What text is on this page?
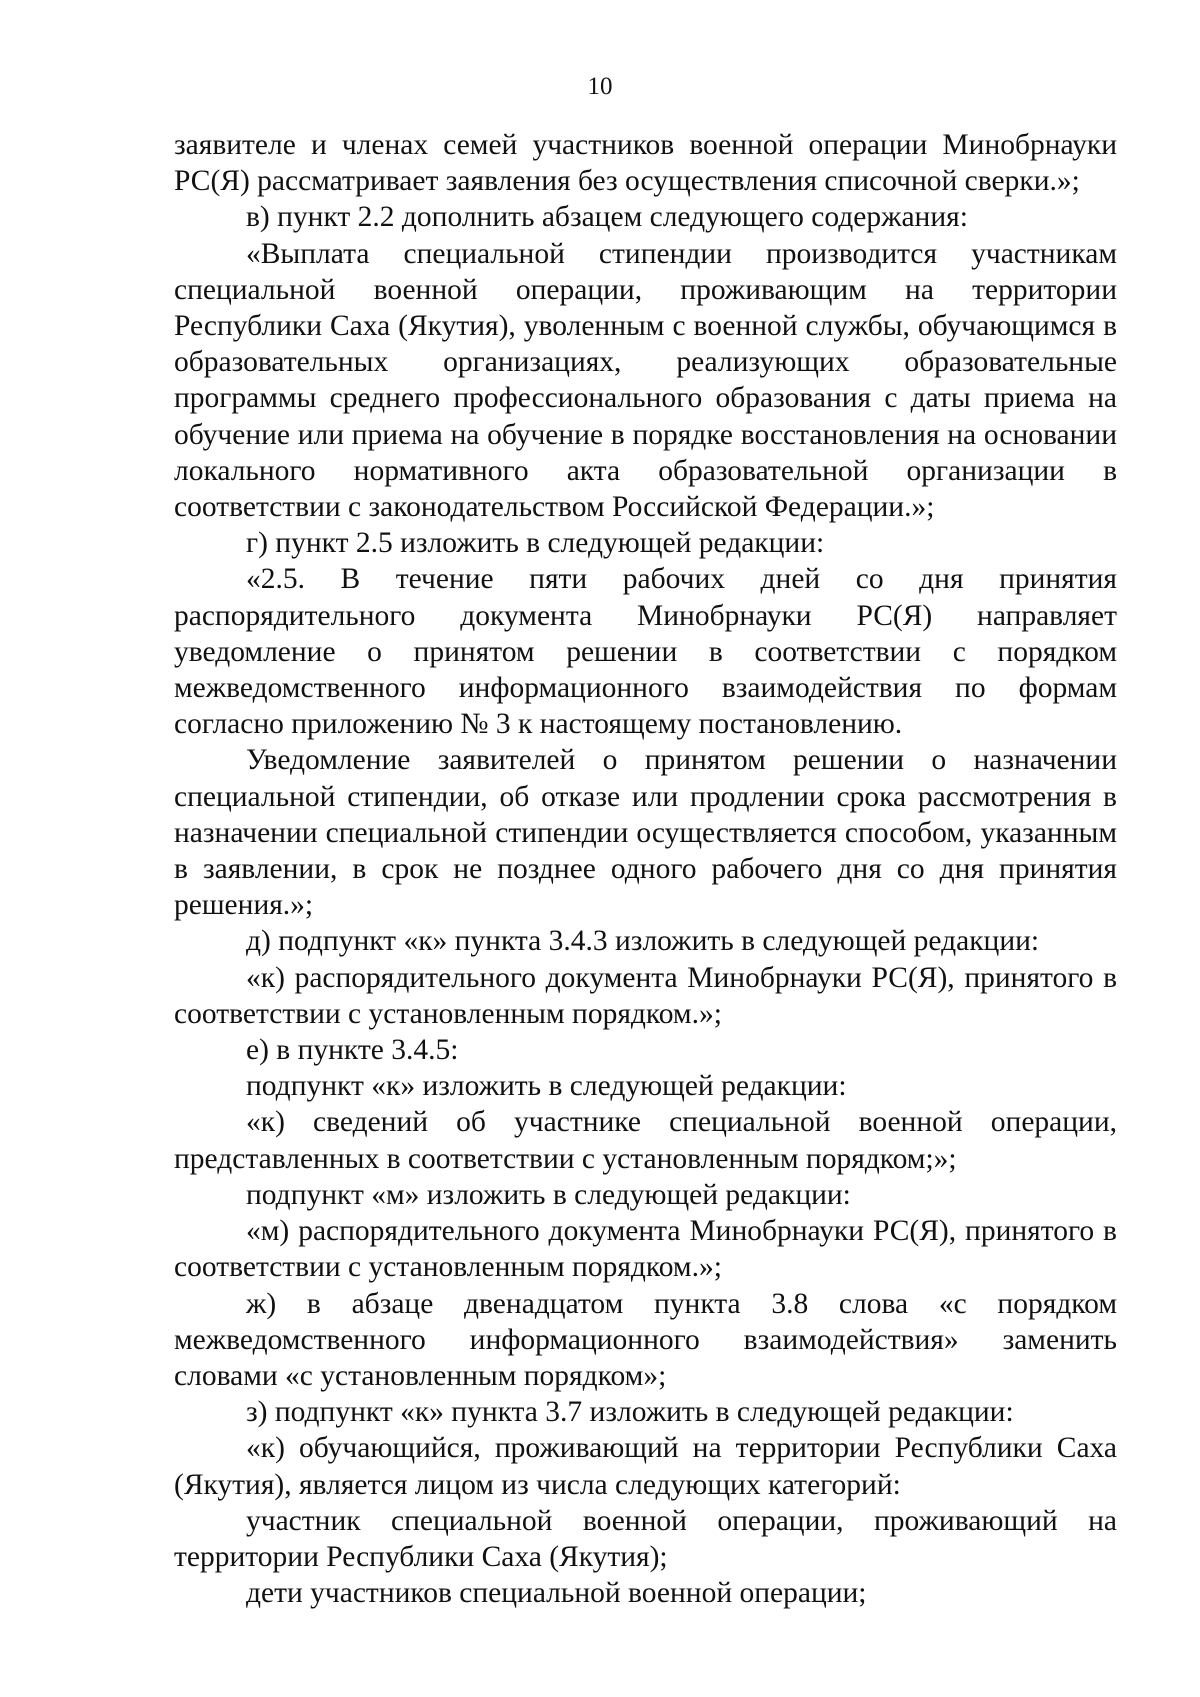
10

заявителе и членах семей участников военной операции Минобрнауки РС(Я) рассматривает заявления без осуществления списочной сверки.»;

в) пункт 2.2 дополнить абзацем следующего содержания:

«Выплата специальной стипендии производится участникам специальной военной операции, проживающим на территории Республики Саха (Якутия), уволенным с военной службы, обучающимся в образовательных организациях, реализующих образовательные программы среднего профессионального образования с даты приема на обучение или приема на обучение в порядке восстановления на основании локального нормативного акта образовательной организации в соответствии с законодательством Российской Федерации.»;

г) пункт 2.5 изложить в следующей редакции:

«2.5. В течение пяти рабочих дней со дня принятия распорядительного документа Минобрнауки РС(Я) направляет уведомление о принятом решении в соответствии с порядком межведомственного информационного взаимодействия по формам согласно приложению № 3 к настоящему постановлению.

Уведомление заявителей о принятом решении о назначении специальной стипендии, об отказе или продлении срока рассмотрения в назначении специальной стипендии осуществляется способом, указанным в заявлении, в срок не позднее одного рабочего дня со дня принятия решения.»;

д) подпункт «к» пункта 3.4.3 изложить в следующей редакции:

«к) распорядительного документа Минобрнауки РС(Я), принятого в соответствии с установленным порядком.»;

е) в пункте 3.4.5:

подпункт «к» изложить в следующей редакции:

«к) сведений об участнике специальной военной операции, представленных в соответствии с установленным порядком;»;

подпункт «м» изложить в следующей редакции:

«м) распорядительного документа Минобрнауки РС(Я), принятого в соответствии с установленным порядком.»;

ж) в абзаце двенадцатом пункта 3.8 слова «с порядком межведомственного информационного взаимодействия» заменить словами «с установленным порядком»;

з) подпункт «к» пункта 3.7 изложить в следующей редакции:

«к) обучающийся, проживающий на территории Республики Саха (Якутия), является лицом из числа следующих категорий:

участник специальной военной операции, проживающий на территории Республики Саха (Якутия);

дети участников специальной военной операции;
